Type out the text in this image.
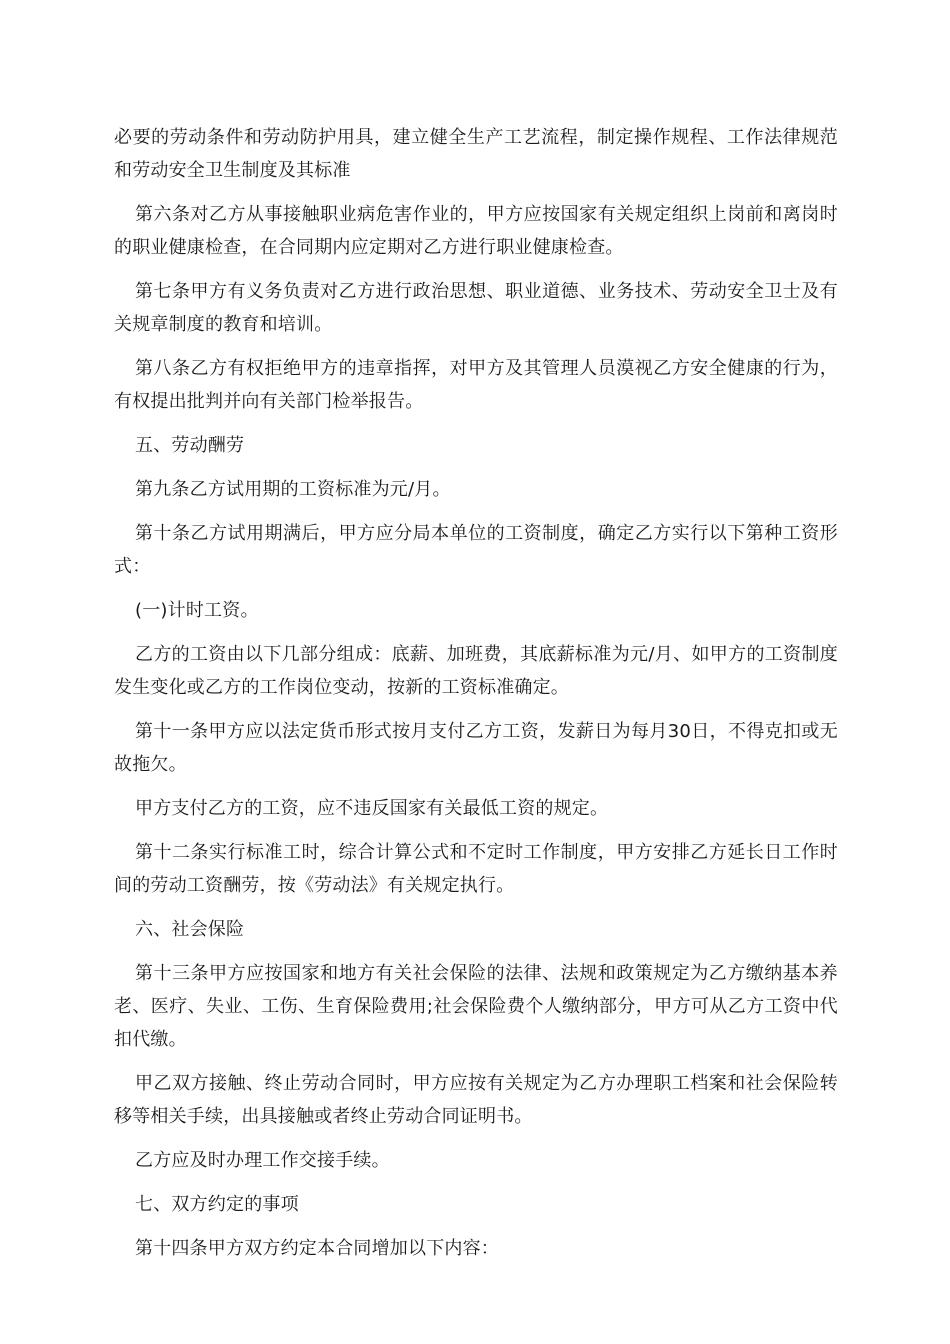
必要的劳动条件和劳动防护用具，建立健全生产工艺流程，制定操作规程、工作法律规范和劳动安全卫生制度及其标准

第六条对乙方从事接触职业病危害作业的，甲方应按国家有关规定组织上岗前和离岗时的职业健康检查，在合同期内应定期对乙方进行职业健康检查。

第七条甲方有义务负责对乙方进行政治思想、职业道德、业务技术、劳动安全卫士及有关规章制度的教育和培训。

第八条乙方有权拒绝甲方的违章指挥，对甲方及其管理人员漠视乙方安全健康的行为，有权提出批判并向有关部门检举报告。

五、劳动酬劳

第九条乙方试用期的工资标准为元/月。

第十条乙方试用期满后，甲方应分局本单位的工资制度，确定乙方实行以下第种工资形式：

(一)计时工资。

乙方的工资由以下几部分组成：底薪、加班费，其底薪标准为元/月、如甲方的工资制度发生变化或乙方的工作岗位变动，按新的工资标准确定。

第十一条甲方应以法定货币形式按月支付乙方工资，发薪日为每月30日，不得克扣或无故拖欠。

甲方支付乙方的工资，应不违反国家有关最低工资的规定。

第十二条实行标准工时，综合计算公式和不定时工作制度，甲方安排乙方延长日工作时间的劳动工资酬劳，按《劳动法》有关规定执行。

六、社会保险

第十三条甲方应按国家和地方有关社会保险的法律、法规和政策规定为乙方缴纳基本养老、医疗、失业、工伤、生育保险费用;社会保险费个人缴纳部分，甲方可从乙方工资中代扣代缴。

甲乙双方接触、终止劳动合同时，甲方应按有关规定为乙方办理职工档案和社会保险转移等相关手续，出具接触或者终止劳动合同证明书。

乙方应及时办理工作交接手续。

七、双方约定的事项

第十四条甲方双方约定本合同增加以下内容：
